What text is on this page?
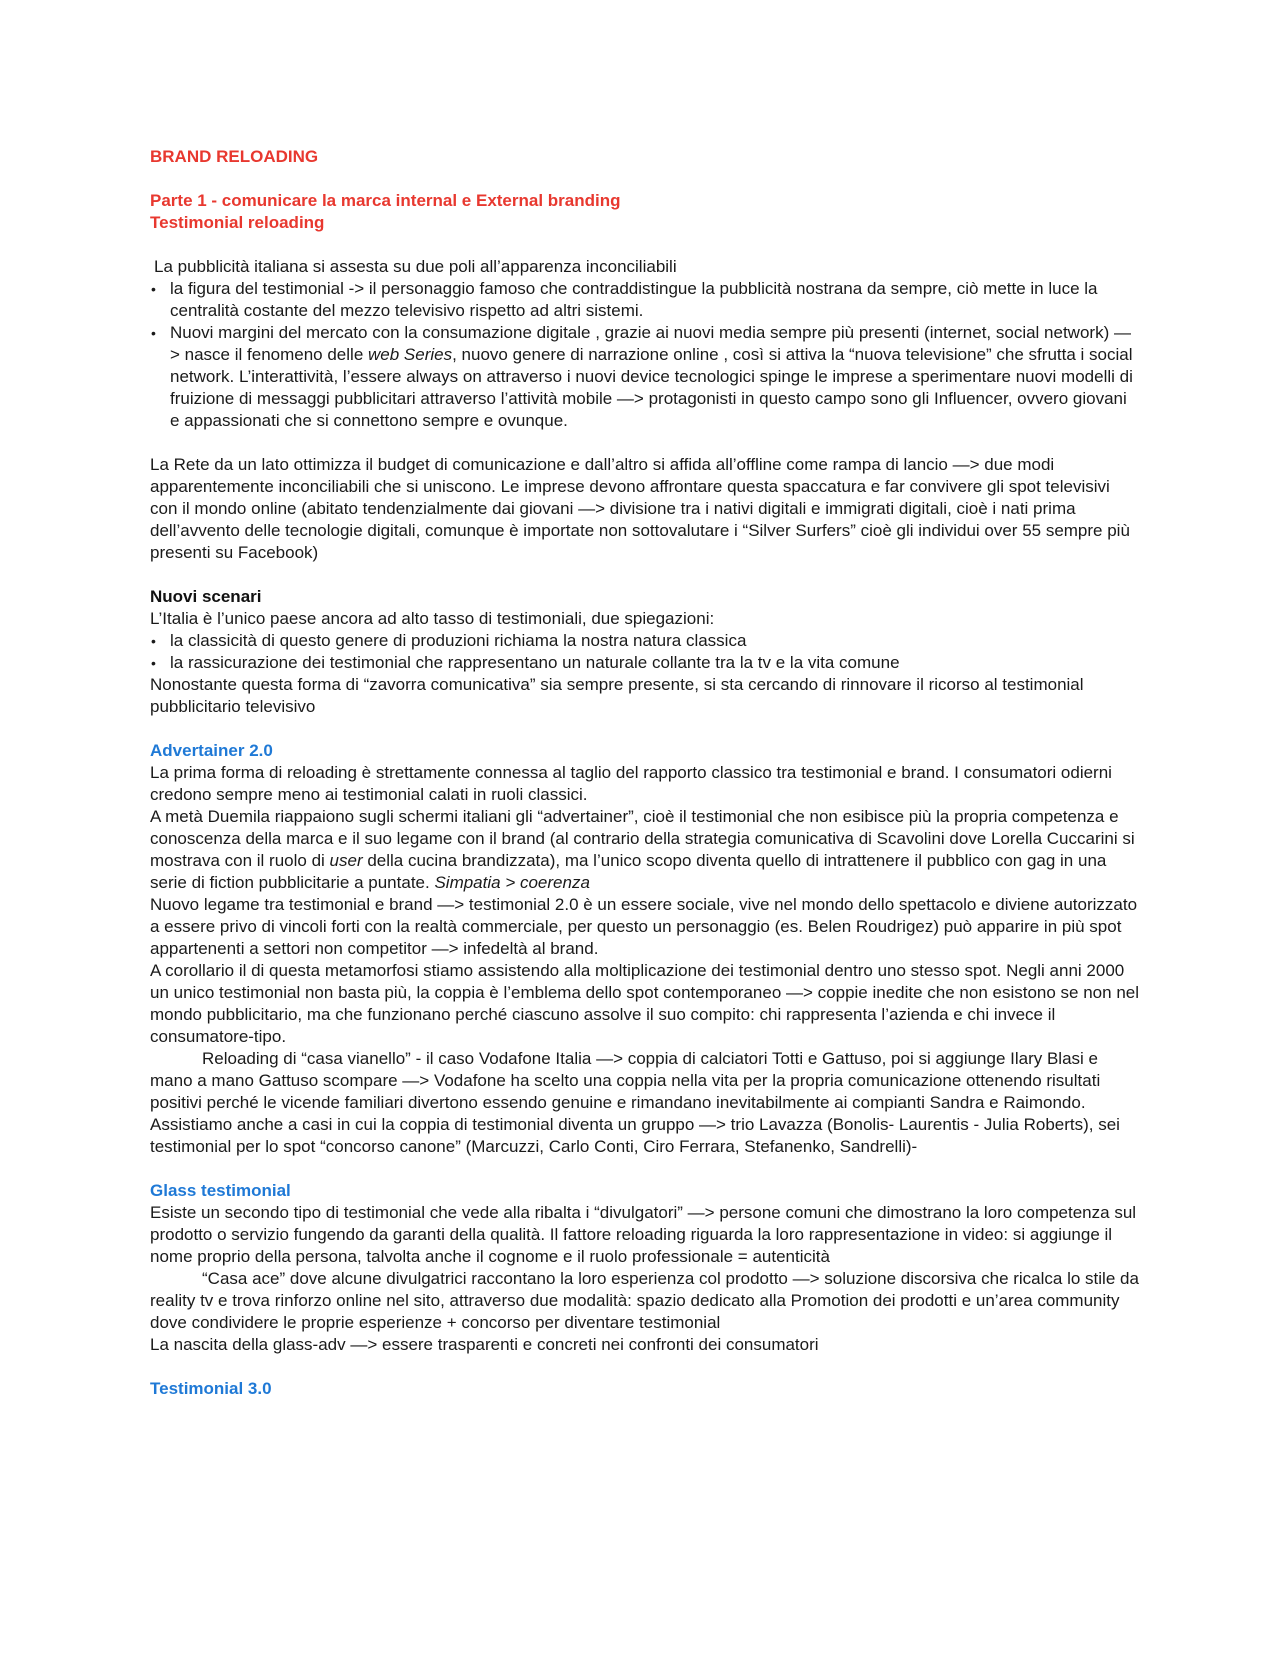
BRAND RELOADING

Parte 1 - comunicare la marca internal e External branding

Testimonial reloading

La pubblicità italiana si assesta su due poli all’apparenza inconciliabili

• la figura del testimonial -> il personaggio famoso che contraddistingue la pubblicità nostrana da sempre, ciò mette in luce la centralità costante del mezzo televisivo rispetto ad altri sistemi.
• Nuovi margini del mercato con la consumazione digitale , grazie ai nuovi media sempre più presenti (internet, social network) —> nasce il fenomeno delle web Series, nuovo genere di narrazione online , così si attiva la “nuova televisione” che sfrutta i social network. L’interattività, l’essere always on attraverso i nuovi device tecnologici spinge le imprese a sperimentare nuovi modelli di fruizione di messaggi pubblicitari attraverso l’attività mobile —> protagonisti in questo campo sono gli Influencer, ovvero giovani e appassionati che si connettono sempre e ovunque.

La Rete da un lato ottimizza il budget di comunicazione e dall’altro si affida all’offline come rampa di lancio —> due modi apparentemente inconciliabili che si uniscono. Le imprese devono affrontare questa spaccatura e far convivere gli spot televisivi con il mondo online (abitato tendenzialmente dai giovani —> divisione tra i nativi digitali e immigrati digitali, cioè i nati prima dell’avvento delle tecnologie digitali, comunque è importate non sottovalutare i “Silver Surfers” cioè gli individui over 55 sempre più presenti su Facebook)

Nuovi scenari

L’Italia è l’unico paese ancora ad alto tasso di testimoniali, due spiegazioni:

• la classicità di questo genere di produzioni richiama la nostra natura classica
• la rassicurazione dei testimonial che rappresentano un naturale collante tra la tv e la vita comune

Nonostante questa forma di “zavorra comunicativa” sia sempre presente, si sta cercando di rinnovare il ricorso al testimonial pubblicitario televisivo

Advertainer 2.0

La prima forma di reloading è strettamente connessa al taglio del rapporto classico tra testimonial e brand. I consumatori odierni credono sempre meno ai testimonial calati in ruoli classici.

A metà Duemila riappaiono sugli schermi italiani gli “advertainer”, cioè il testimonial che non esibisce più la propria competenza e conoscenza della marca e il suo legame con il brand (al contrario della strategia comunicativa di Scavolini dove Lorella Cuccarini si mostrava con il ruolo di user della cucina brandizzata), ma l’unico scopo diventa quello di intrattenere il pubblico con gag in una serie di fiction pubblicitarie a puntate. Simpatia > coerenza

Nuovo legame tra testimonial e brand —> testimonial 2.0 è un essere sociale, vive nel mondo dello spettacolo e diviene autorizzato a essere privo di vincoli forti con la realtà commerciale, per questo un personaggio (es. Belen Roudrigez) può apparire in più spot appartenenti a settori non competitor —> infedeltà al brand.

A corollario il di questa metamorfosi stiamo assistendo alla moltiplicazione dei testimonial dentro uno stesso spot. Negli anni 2000 un unico testimonial non basta più, la coppia è l’emblema dello spot contemporaneo —> coppie inedite che non esistono se non nel mondo pubblicitario, ma che funzionano perché ciascuno assolve il suo compito: chi rappresenta l’azienda e chi invece il consumatore-tipo.

Reloading di “casa vianello” - il caso Vodafone Italia —> coppia di calciatori Totti e Gattuso, poi si aggiunge Ilary Blasi e mano a mano Gattuso scompare —> Vodafone ha scelto una coppia nella vita per la propria comunicazione ottenendo risultati positivi perché le vicende familiari divertono essendo genuine e rimandano inevitabilmente ai compianti Sandra e Raimondo.

Assistiamo anche a casi in cui la coppia di testimonial diventa un gruppo —> trio Lavazza (Bonolis- Laurentis - Julia Roberts), sei testimonial per lo spot “concorso canone” (Marcuzzi, Carlo Conti, Ciro Ferrara, Stefanenko, Sandrelli)-

Glass testimonial

Esiste un secondo tipo di testimonial che vede alla ribalta i “divulgatori” —> persone comuni che dimostrano la loro competenza sul prodotto o servizio fungendo da garanti della qualità. Il fattore reloading riguarda la loro rappresentazione in video: si aggiunge il nome proprio della persona, talvolta anche il cognome e il ruolo professionale = autenticità

“Casa ace” dove alcune divulgatrici raccontano la loro esperienza col prodotto —> soluzione discorsiva che ricalca lo stile da reality tv e trova rinforzo online nel sito, attraverso due modalità: spazio dedicato alla Promotion dei prodotti e un’area community dove condividere le proprie esperienze + concorso per diventare testimonial

La nascita della glass-adv —> essere trasparenti e concreti nei confronti dei consumatori

Testimonial 3.0
